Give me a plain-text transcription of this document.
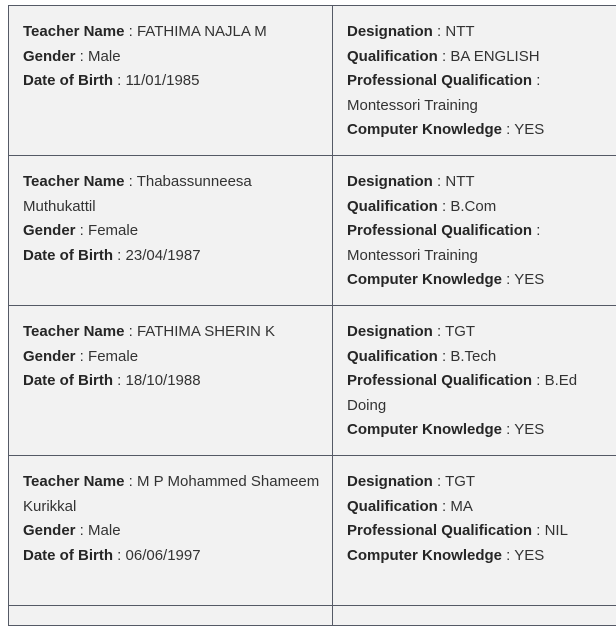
Teacher Name : FATHIMA NAJLA M
Gender : Male
Date of Birth : 11/01/1985
Designation : NTT
Qualification : BA ENGLISH
Professional Qualification : Montessori Training
Computer Knowledge : YES
Teacher Name : Thabassunneesa Muthukattil
Gender : Female
Date of Birth : 23/04/1987
Designation : NTT
Qualification : B.Com
Professional Qualification : Montessori Training
Computer Knowledge : YES
Teacher Name : FATHIMA SHERIN K
Gender : Female
Date of Birth : 18/10/1988
Designation : TGT
Qualification : B.Tech
Professional Qualification : B.Ed Doing
Computer Knowledge : YES
Teacher Name : M P Mohammed Shameem Kurikkal
Gender : Male
Date of Birth : 06/06/1997
Designation : TGT
Qualification : MA
Professional Qualification : NIL
Computer Knowledge : YES
